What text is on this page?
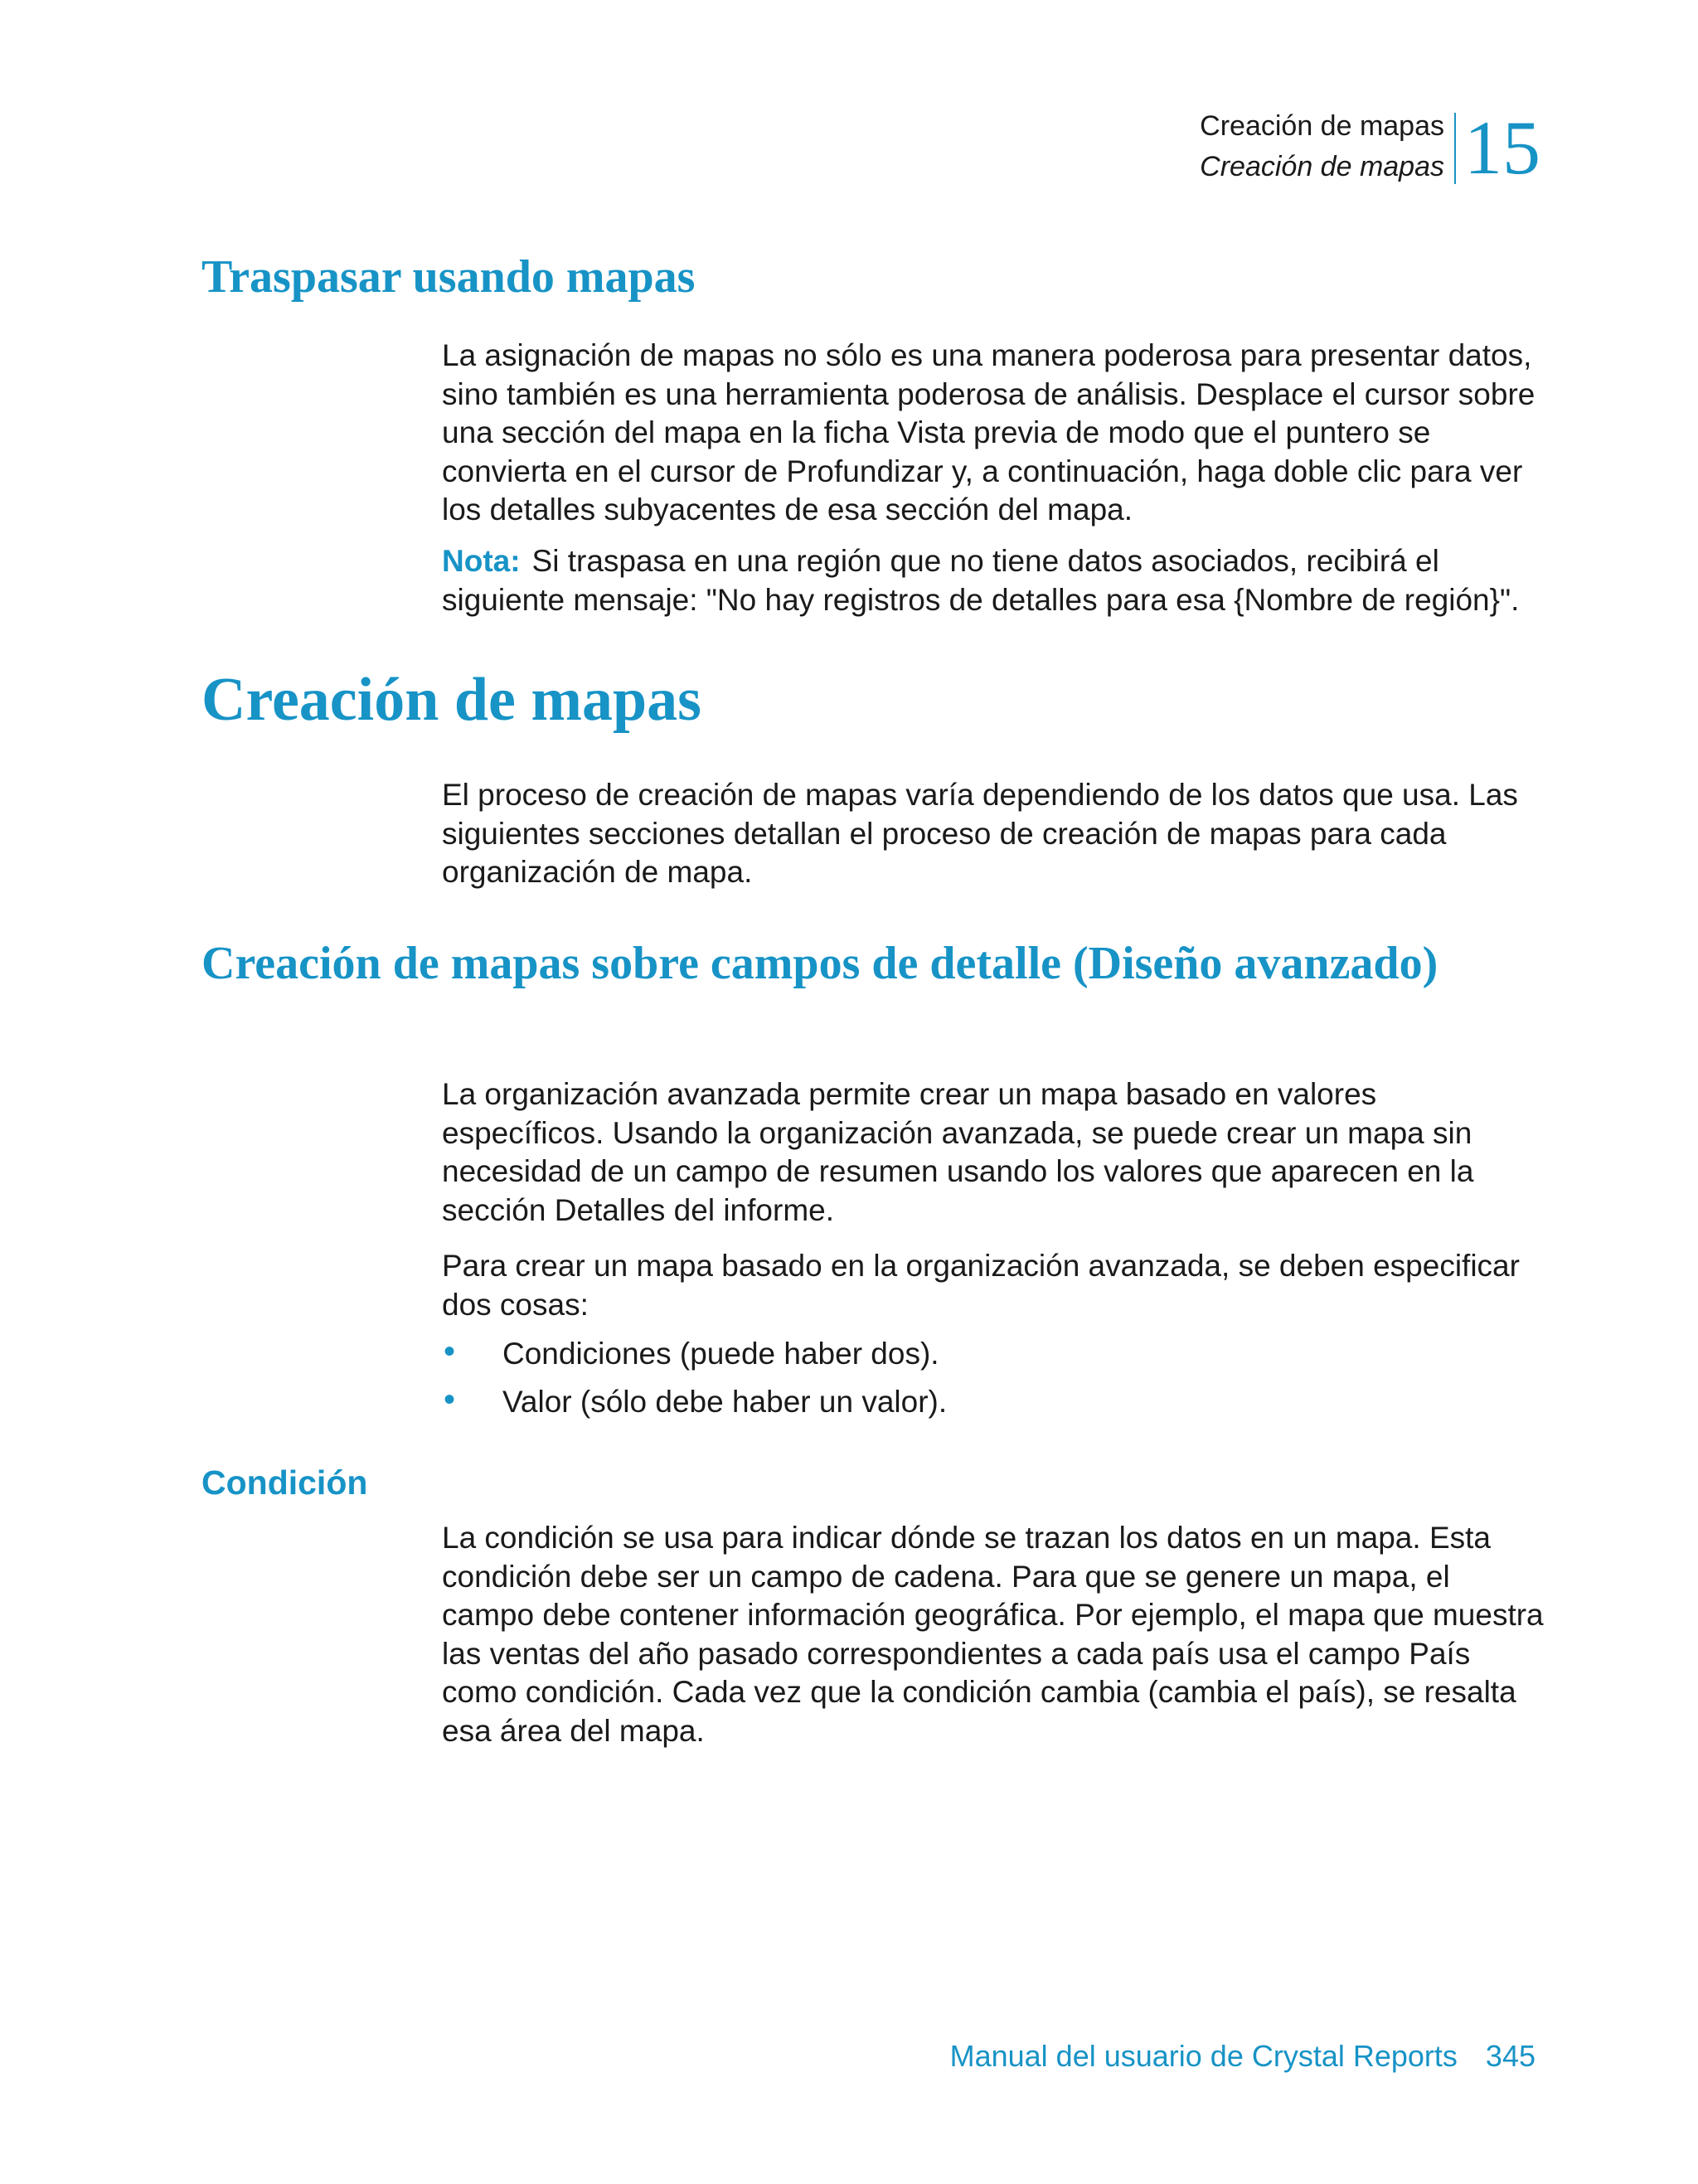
Creación de mapas
Creación de mapas 15
Traspasar usando mapas

La asignación de mapas no sólo es una manera poderosa para presentar datos, sino también es una herramienta poderosa de análisis. Desplace el cursor sobre una sección del mapa en la ficha Vista previa de modo que el puntero se convierta en el cursor de Profundizar y, a continuación, haga doble clic para ver los detalles subyacentes de esa sección del mapa.

Nota: Si traspasa en una región que no tiene datos asociados, recibirá el siguiente mensaje: "No hay registros de detalles para esa {Nombre de región}".

Creación de mapas

El proceso de creación de mapas varía dependiendo de los datos que usa. Las siguientes secciones detallan el proceso de creación de mapas para cada organización de mapa.

Creación de mapas sobre campos de detalle (Diseño avanzado)

La organización avanzada permite crear un mapa basado en valores específicos. Usando la organización avanzada, se puede crear un mapa sin necesidad de un campo de resumen usando los valores que aparecen en la sección Detalles del informe.

Para crear un mapa basado en la organización avanzada, se deben especificar dos cosas:

• Condiciones (puede haber dos).
• Valor (sólo debe haber un valor).
Condición

La condición se usa para indicar dónde se trazan los datos en un mapa. Esta condición debe ser un campo de cadena. Para que se genere un mapa, el campo debe contener información geográfica. Por ejemplo, el mapa que muestra las ventas del año pasado correspondientes a cada país usa el campo País como condición. Cada vez que la condición cambia (cambia el país), se resalta esa área del mapa.

Manual del usuario de Crystal Reports 345
